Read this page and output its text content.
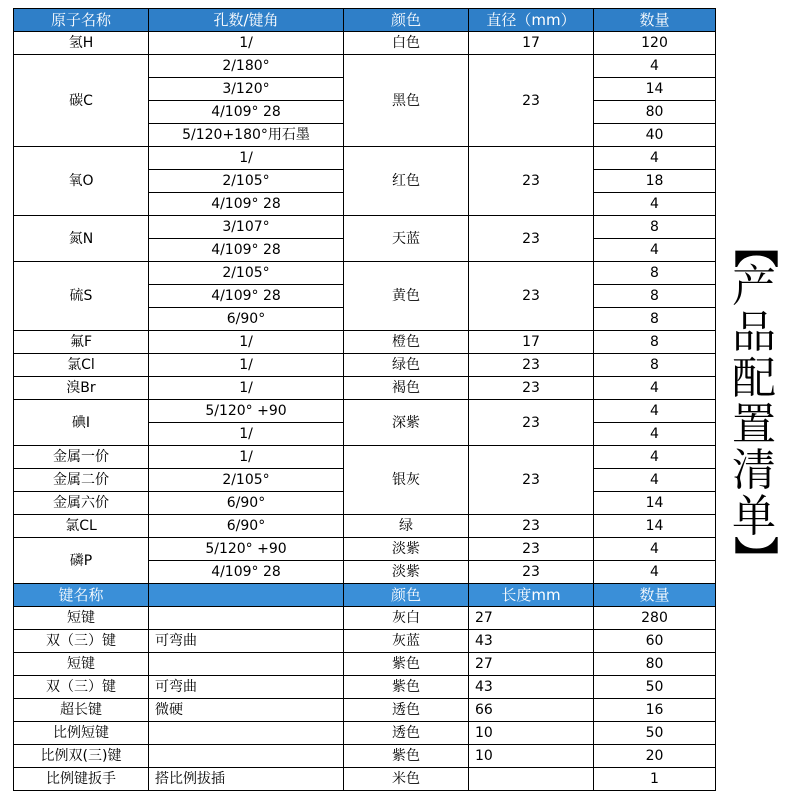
原子名称	孔数/键角	颜色	直径（mm）	数量
氢H	1/	白色	17	120
碳C	2/180°	黑色	23	4
	3/120°			14
	4/109° 28			80
	5/120+180°用石墨			40
氧O	1/	红色	23	4
	2/105°			18
	4/109° 28			4
氮N	3/107°	天蓝	23	8
	4/109° 28			4
硫S	2/105°	黄色	23	8
	4/109° 28			8
	6/90°			8
氟F	1/	橙色	17	8
氯Cl	1/	绿色	23	8
溴Br	1/	褐色	23	4
碘I	5/120° +90	深紫	23	4
	1/			4
金属一价	1/	银灰	23	4
金属二价	2/105°			4
金属六价	6/90°			14
氯CL	6/90°	绿	23	14
磷P	5/120° +90	淡紫	23	4
	4/109° 28	淡紫	23	4
键名称		颜色	长度mm	数量
短键		灰白	27	280
双（三）键	可弯曲	灰蓝	43	60
短键		紫色	27	80
双（三）键	可弯曲	紫色	43	50
超长键	微硬	透色	66	16
比例短键		透色	10	50
比例双(三)键		紫色	10	20
比例键扳手	搭比例拔插	米色		1
【
产
品
配
置
清
单
】
